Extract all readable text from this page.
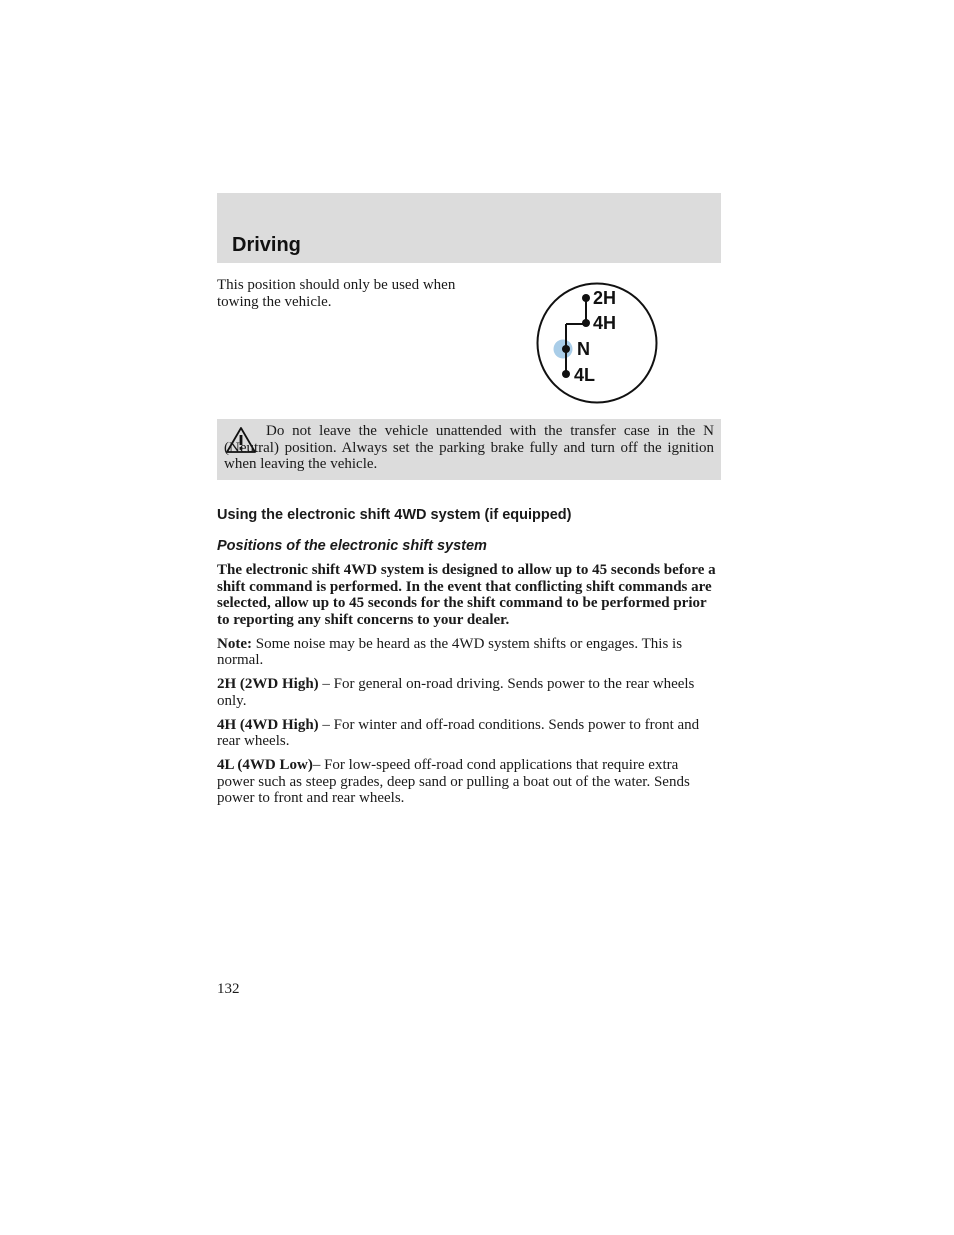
Driving

This position should only be used when towing the vehicle.	2H
4H
N
4L

Do not leave the vehicle unattended with the transfer case in the N (Neutral) position. Always set the parking brake fully and turn off the ignition when leaving the vehicle.

Using the electronic shift 4WD system (if equipped)
Positions of the electronic shift system

The electronic shift 4WD system is designed to allow up to 45 seconds before a shift command is performed. In the event that conflicting shift commands are selected, allow up to 45 seconds for the shift command to be performed prior to reporting any shift concerns to your dealer.

Note: Some noise may be heard as the 4WD system shifts or engages. This is normal.

2H (2WD High) – For general on-road driving. Sends power to the rear wheels only.

4H (4WD High) – For winter and off-road conditions. Sends power to front and rear wheels.

4L (4WD Low)– For low-speed off-road cond applications that require extra power such as steep grades, deep sand or pulling a boat out of the water. Sends power to front and rear wheels.

132
